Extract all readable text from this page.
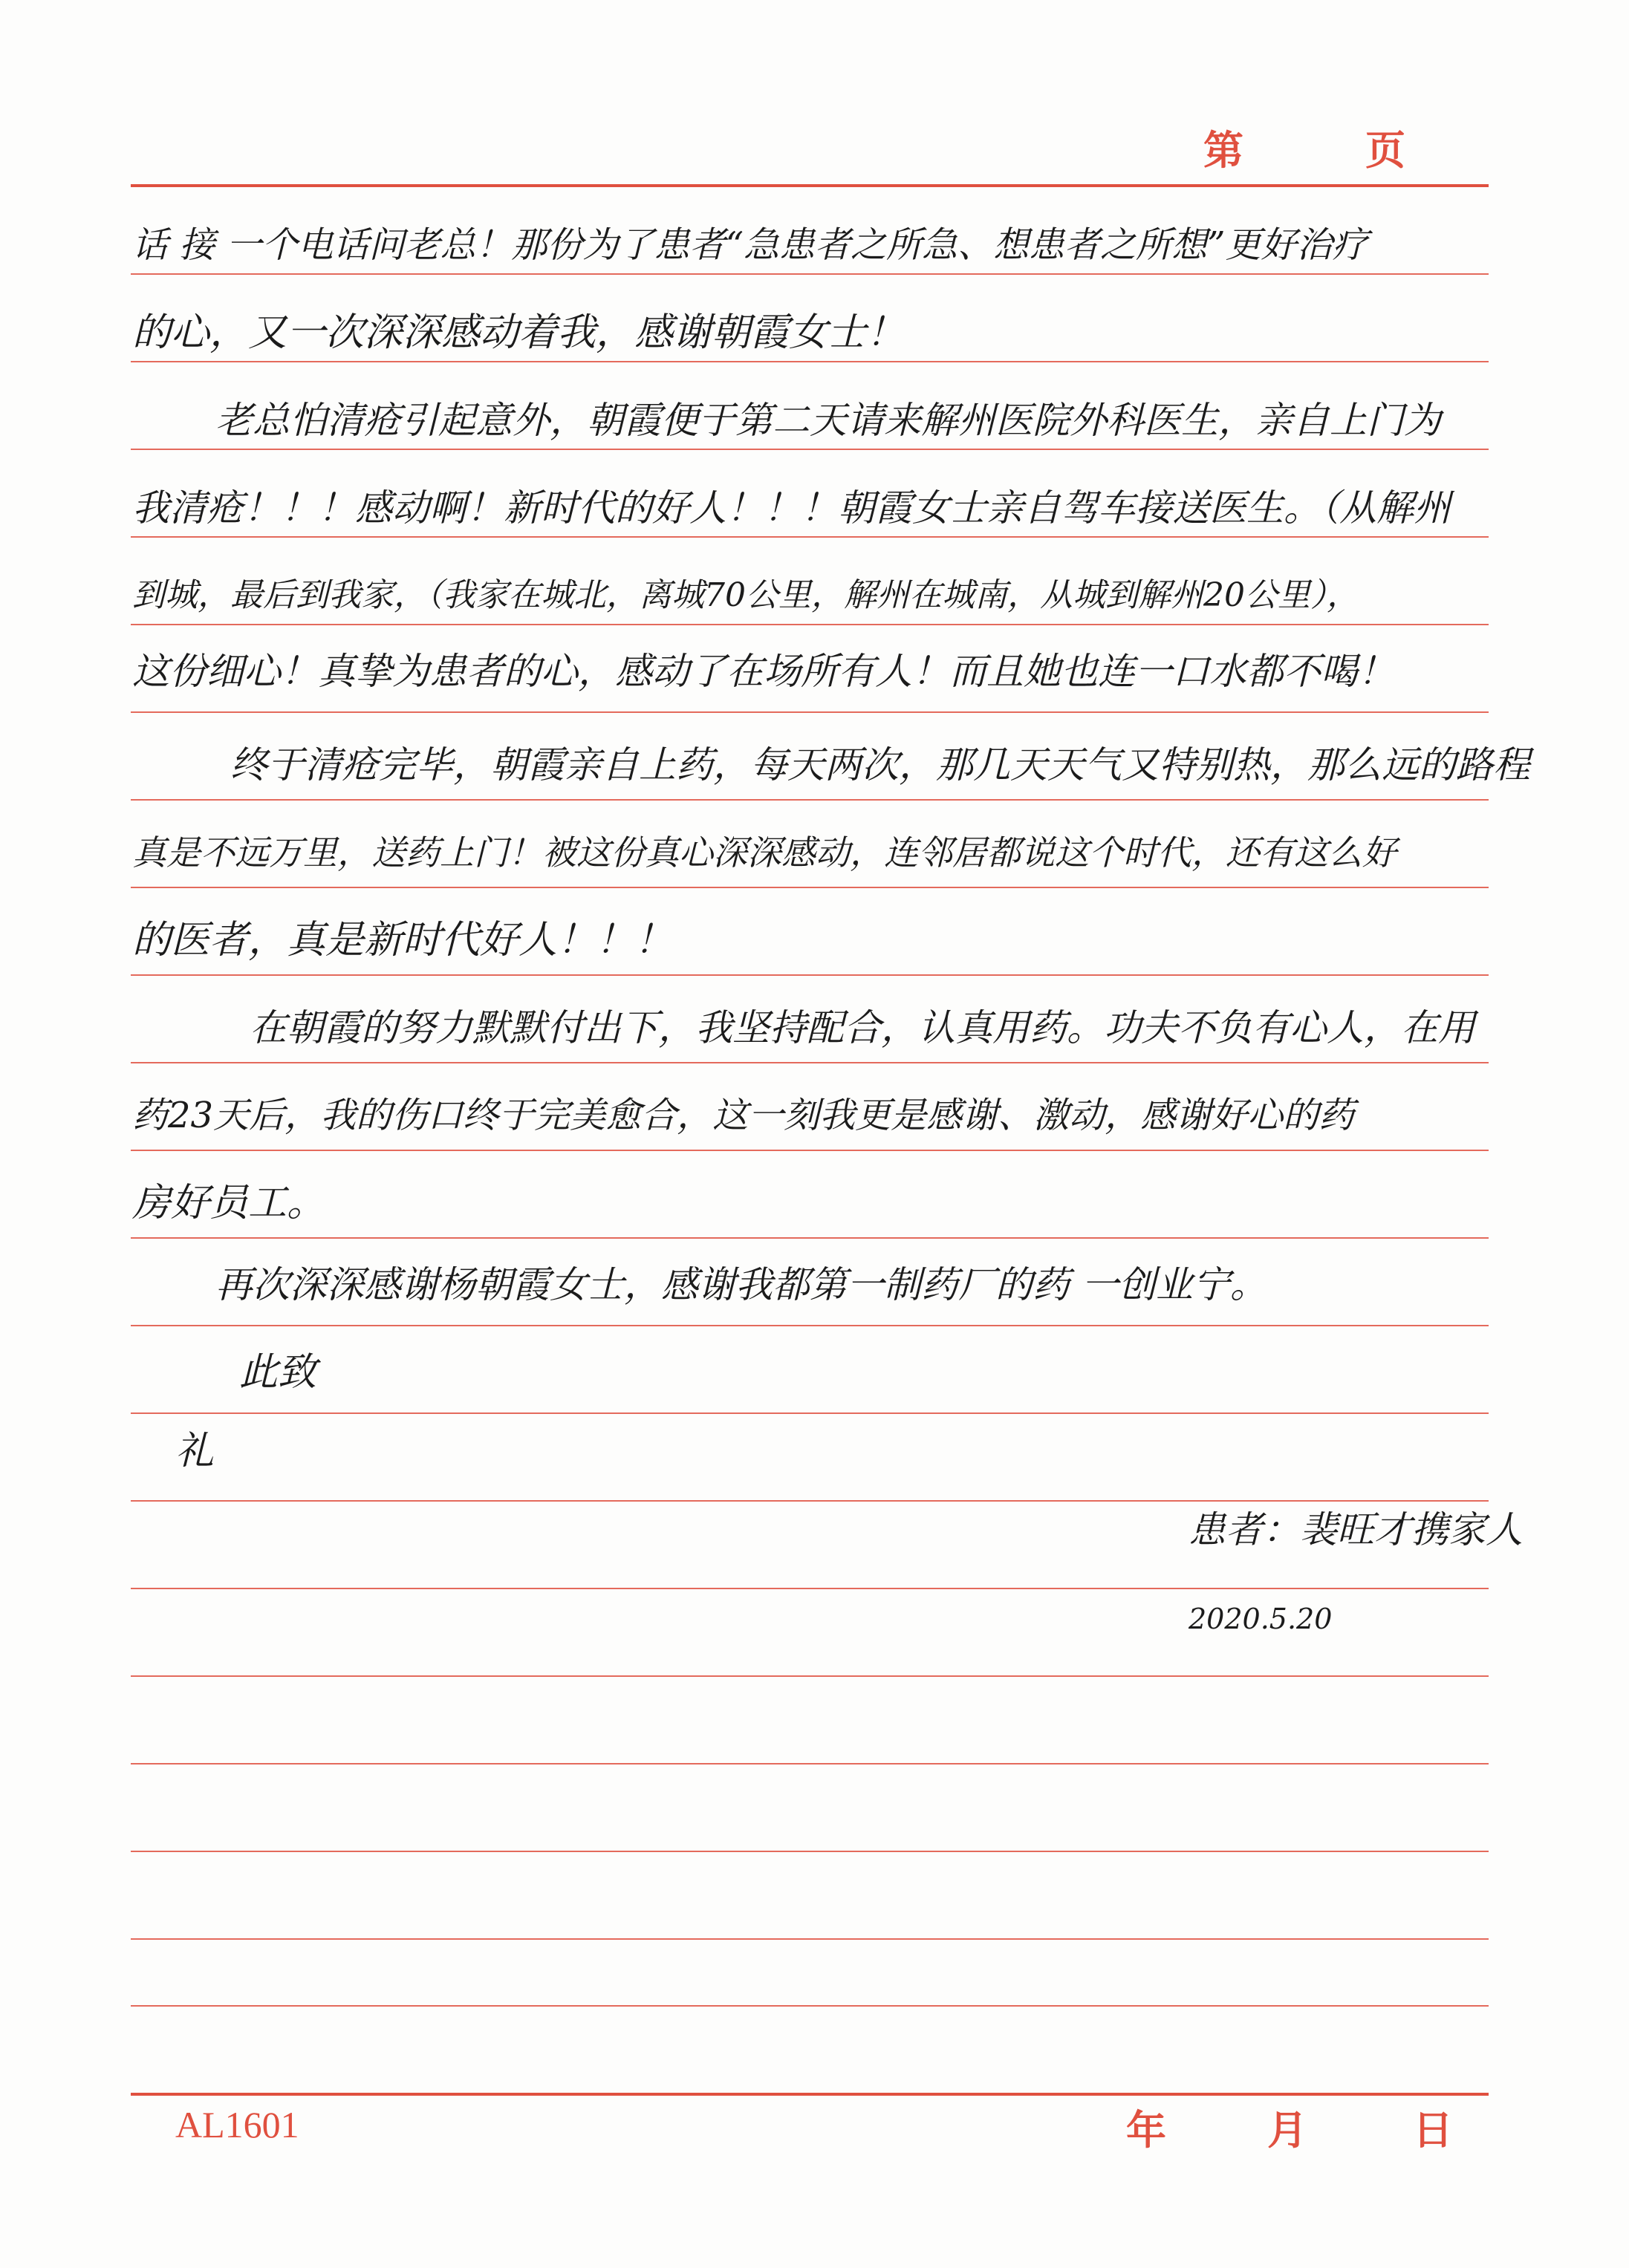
第	页
话 接 一个电话问老总！那份为了患者“急患者之所急、想患者之所想”更好治疗
的心，又一次深深感动着我，感谢朝霞女士！
老总怕清疮引起意外，朝霞便于第二天请来解州医院外科医生，亲自上门为
我清疮！！！感动啊！新时代的好人！！！朝霞女士亲自驾车接送医生。（从解州
到城，最后到我家，（我家在城北，离城70公里，解州在城南，从城到解州20公里），
这份细心！真挚为患者的心，感动了在场所有人！而且她也连一口水都不喝！
终于清疮完毕，朝霞亲自上药，每天两次，那几天天气又特别热，那么远的路程
真是不远万里，送药上门！被这份真心深深感动，连邻居都说这个时代，还有这么好
的医者，真是新时代好人！！！
在朝霞的努力默默付出下，我坚持配合，认真用药。功夫不负有心人，在用
药23天后，我的伤口终于完美愈合，这一刻我更是感谢、激动，感谢好心的药
房好员工。
再次深深感谢杨朝霞女士，感谢我都第一制药厂的药 一创业宁。
此致
礼
患者：裴旺才携家人
2020.5.20
AL1601	年	月	日
